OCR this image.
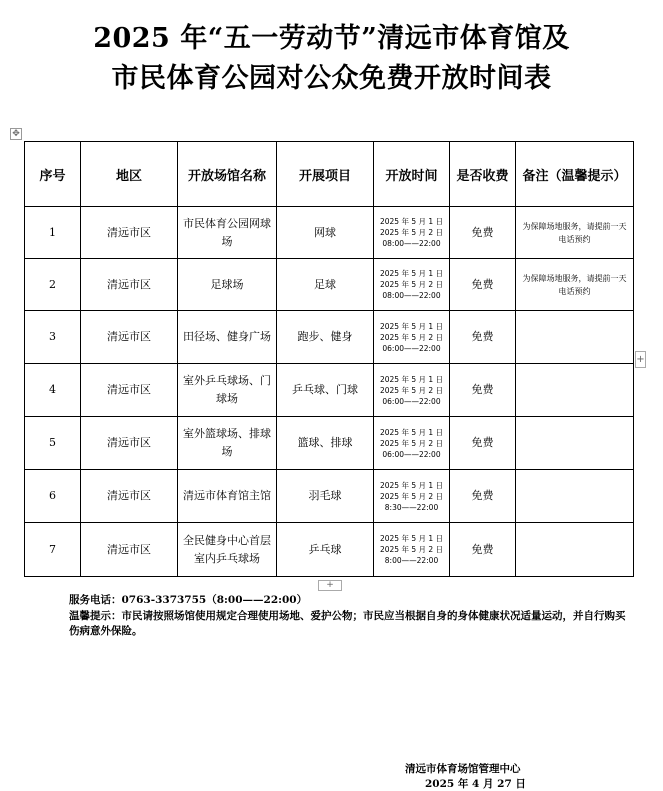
2025 年“五一劳动节”清远市体育馆及
市民体育公园对公众免费开放时间表
✥
序号	地区	开放场馆名称	开展项目	开放时间	是否收费	备注（温馨提示）
1	清远市区	市民体育公园网球场	网球	2025 年 5 月 1 日
2025 年 5 月 2 日
08:00——22:00	免费	为保障场地服务，请提前一天电话预约
2	清远市区	足球场	足球	2025 年 5 月 1 日
2025 年 5 月 2 日
08:00——22:00	免费	为保障场地服务，请提前一天电话预约
3	清远市区	田径场、健身广场	跑步、健身	2025 年 5 月 1 日
2025 年 5 月 2 日
06:00——22:00	免费	
4	清远市区	室外乒乓球场、门球场	乒乓球、门球	2025 年 5 月 1 日
2025 年 5 月 2 日
06:00——22:00	免费	
5	清远市区	室外篮球场、排球场	篮球、排球	2025 年 5 月 1 日
2025 年 5 月 2 日
06:00——22:00	免费	
6	清远市区	清远市体育馆主馆	羽毛球	2025 年 5 月 1 日
2025 年 5 月 2 日
8:30——22:00	免费	
7	清远市区	全民健身中心首层室内乒乓球场	乒乓球	2025 年 5 月 1 日
2025 年 5 月 2 日
8:00——22:00	免费	
+
+
服务电话：0763-3373755（8:00——22:00）
温馨提示：市民请按照场馆使用规定合理使用场地、爱护公物；市民应当根据自身的身体健康状况适量运动，并自行购买伤病意外保险。
清远市体育场馆管理中心
2025 年 4 月 27 日
